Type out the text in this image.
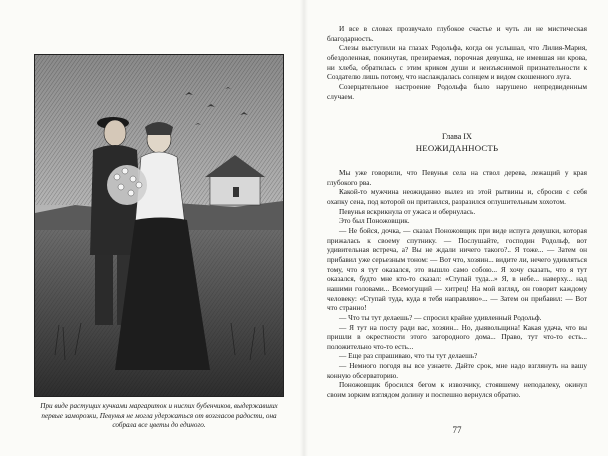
При виде растущих кучками маргариток и ниспих бубенчиков, выдержавших первые заморозки, Певунья не могла удержаться от возгласов радости, она собрала все цветы до единого.

И все в словах прозвучало глубокое счастье и чуть ли не мистическая благодарность.

Слезы выступили на глазах Родольфа, когда он услышал, что Лилия-Мария, обездоленная, покинутая, презираемая, порочная девушка, не имевшая ни крова, ни хлеба, обратилась с этим криком души и неизъяснимой признательности к Создателю лишь потому, что наслаждалась солнцем и видом скошенного луга.

Созерцательное настроение Родольфа было нарушено непредвиденным случаем.

Глава IX
НЕОЖИДАННОСТЬ

Мы уже говорили, что Певунья села на ствол дерева, лежащий у края глубокого рва.

Какой-то мужчина неожиданно вылез из этой рытвины и, сбросив с себя охапку сена, под которой он притаился, разразился оглушительным хохотом.

Певунья вскрикнула от ужаса и обернулась.

Это был Поножовщик.

— Не бойся, дочка, — сказал Поножовщик при виде испуга девушки, которая прижалась к своему спутнику. — Послушайте, господин Родольф, вот удивительная встреча, а? Вы не ждали ничего такого?.. Я тоже... — Затем он прибавил уже серьезным тоном: — Вот что, хозяин... видите ли, нечего удивляться тому, что я тут оказался, это вышло само собою... Я хочу сказать, что я тут оказался, будто мне кто-то сказал: «Ступай туда...» Я, в небе... наверху... над нашими головами... Всемогущий — хитрец! На мой взгляд, он говорит каждому человеку: «Ступай туда, куда я тебя направляю»... — Затем он прибавил: — Вот что странно!

— Что ты тут делаешь? — спросил крайне удивленный Родольф.

— Я тут на посту ради вас, хозяин... Но, дыявольщина! Какая удача, что вы пришли в окрестности этого загородного дома... Право, тут что-то есть... положительно что-то есть...

— Еще раз спрашиваю, что ты тут делаешь?

— Немного погодя вы все узнаете. Дайте срок, мне надо взглянуть на вашу конную обсерваторию.

Поножовщик бросился бегом к извозчику, стоявшему неподалеку, окинул своим зорким взглядом долину и поспешно вернулся обратно.

77
